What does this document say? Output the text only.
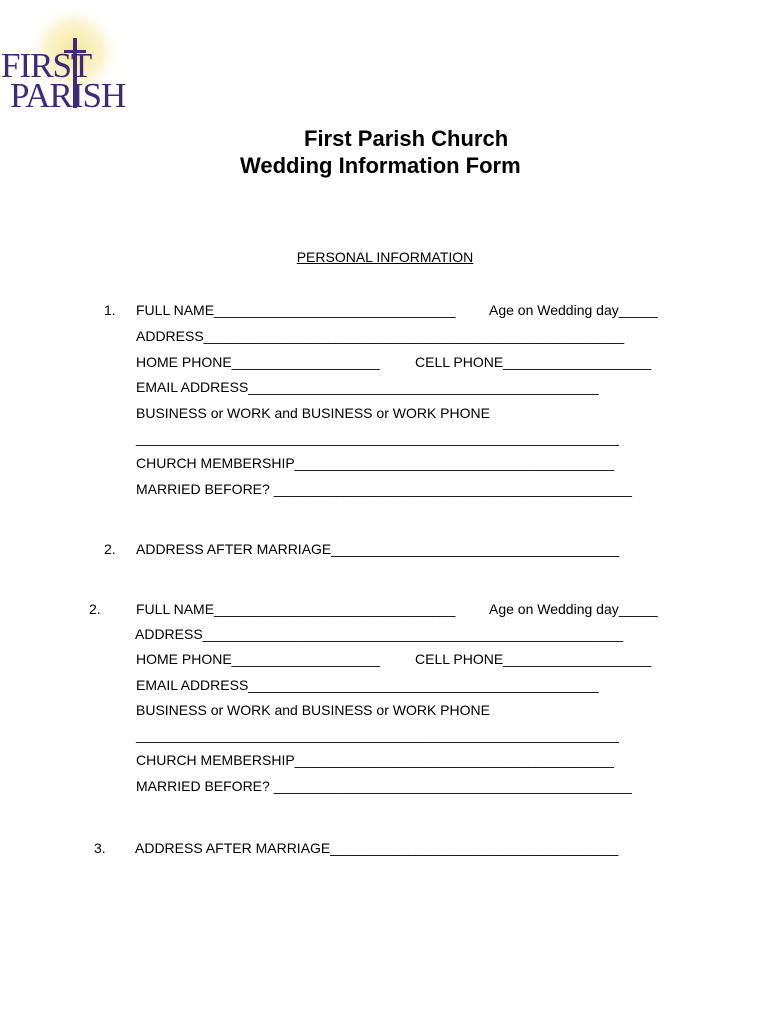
FIRST
PARISH
First Parish Church
Wedding Information Form
PERSONAL INFORMATION
1. FULL NAME_______________________________ Age on Wedding day_____
ADDRESS______________________________________________________
HOME PHONE___________________	CELL PHONE___________________
EMAIL ADDRESS_____________________________________________
BUSINESS or WORK and BUSINESS or WORK PHONE
______________________________________________________________
CHURCH MEMBERSHIP_________________________________________
MARRIED BEFORE? ______________________________________________
2. ADDRESS AFTER MARRIAGE_____________________________________
2.	FULL NAME_______________________________ Age on Wedding day_____
ADDRESS______________________________________________________
HOME PHONE___________________	CELL PHONE___________________
EMAIL ADDRESS_____________________________________________
BUSINESS or WORK and BUSINESS or WORK PHONE
______________________________________________________________
CHURCH MEMBERSHIP_________________________________________
MARRIED BEFORE? ______________________________________________
3. ADDRESS AFTER MARRIAGE_____________________________________
